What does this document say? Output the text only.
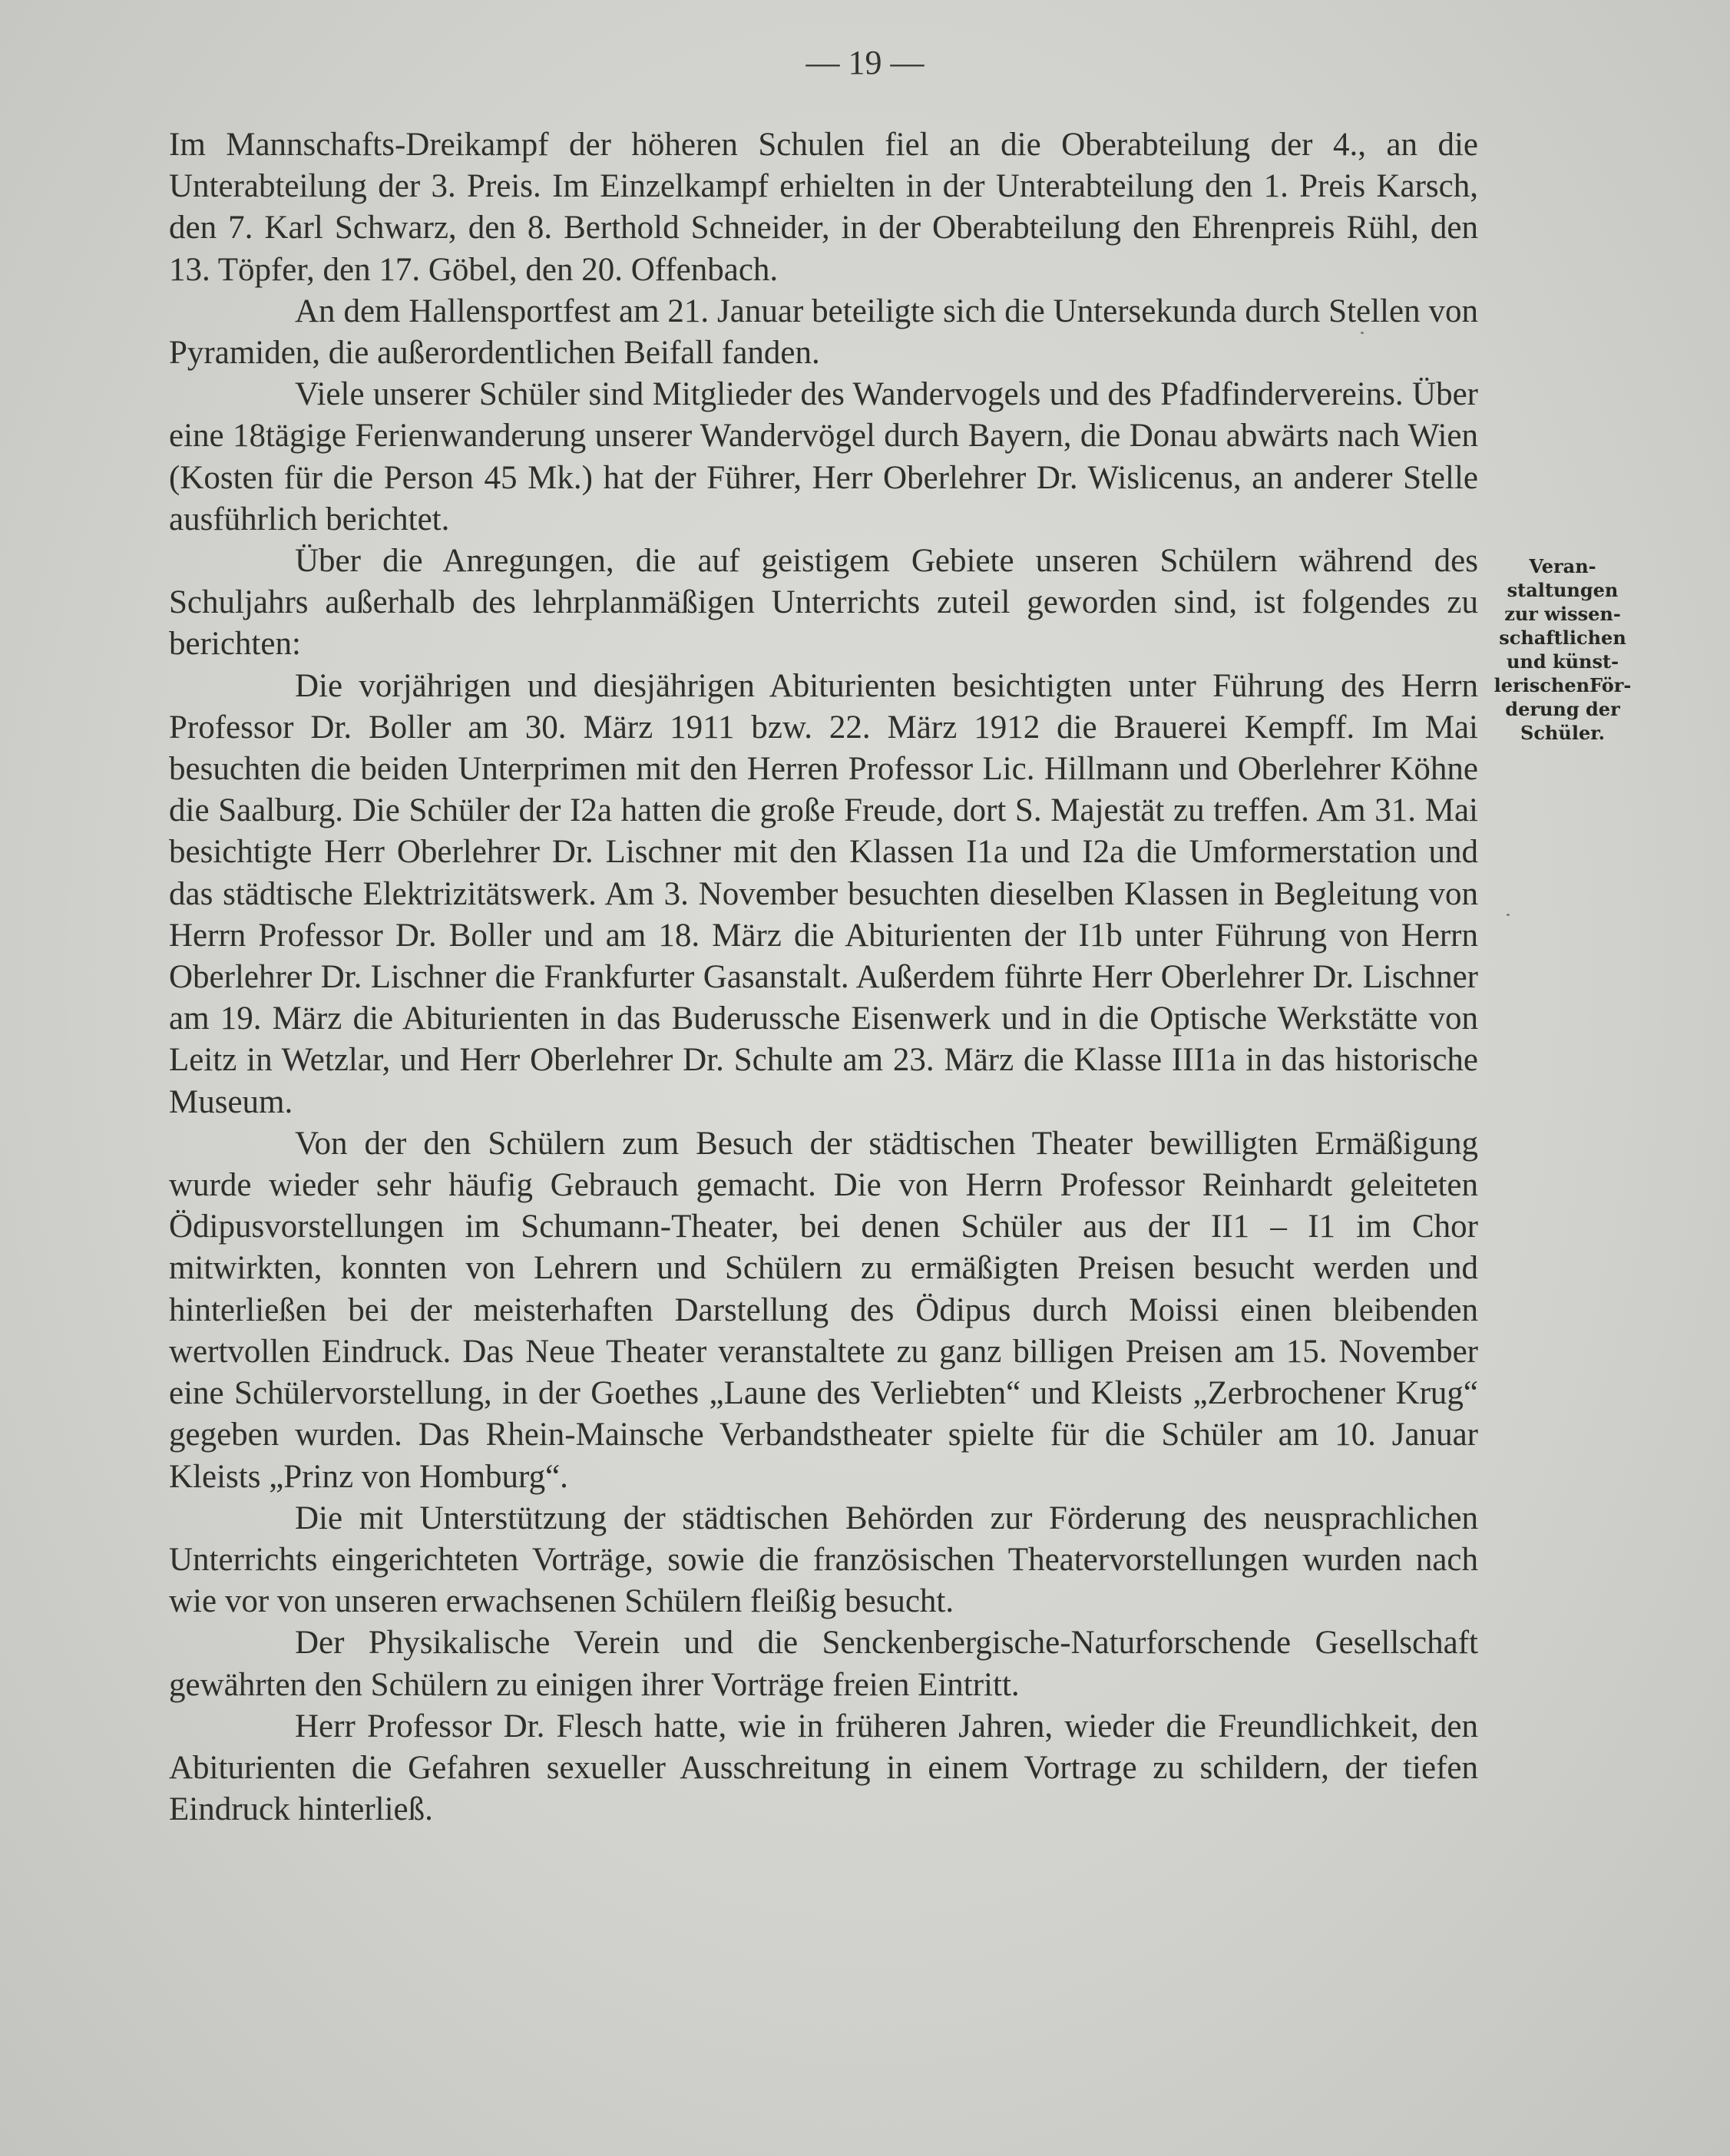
— 19 —

Im Mannschafts-Dreikampf der höheren Schulen fiel an die Oberabteilung der 4., an die Unterabteilung der 3. Preis. Im Einzelkampf erhielten in der Unterabteilung den 1. Preis Karsch, den 7. Karl Schwarz, den 8. Berthold Schneider, in der Oberabteilung den Ehrenpreis Rühl, den 13. Töpfer, den 17. Göbel, den 20. Offenbach.

An dem Hallensportfest am 21. Januar beteiligte sich die Untersekunda durch Stellen von Pyramiden, die außerordentlichen Beifall fanden.

Viele unserer Schüler sind Mitglieder des Wandervogels und des Pfadfindervereins. Über eine 18tägige Ferienwanderung unserer Wandervögel durch Bayern, die Donau abwärts nach Wien (Kosten für die Person 45 Mk.) hat der Führer, Herr Oberlehrer Dr. Wislicenus, an anderer Stelle ausführlich berichtet.

Über die Anregungen, die auf geistigem Gebiete unseren Schülern während des Schuljahrs außerhalb des lehrplanmäßigen Unterrichts zuteil geworden sind, ist folgendes zu berichten:

Die vorjährigen und diesjährigen Abiturienten besichtigten unter Führung des Herrn Professor Dr. Boller am 30. März 1911 bzw. 22. März 1912 die Brauerei Kempff. Im Mai besuchten die beiden Unterprimen mit den Herren Professor Lic. Hillmann und Oberlehrer Köhne die Saalburg. Die Schüler der I2a hatten die große Freude, dort S. Majestät zu treffen. Am 31. Mai besichtigte Herr Oberlehrer Dr. Lischner mit den Klassen I1a und I2a die Umformerstation und das städtische Elektrizitätswerk. Am 3. November besuchten dieselben Klassen in Begleitung von Herrn Professor Dr. Boller und am 18. März die Abiturienten der I1b unter Führung von Herrn Oberlehrer Dr. Lischner die Frankfurter Gasanstalt. Außerdem führte Herr Oberlehrer Dr. Lischner am 19. März die Abiturienten in das Buderussche Eisenwerk und in die Optische Werkstätte von Leitz in Wetzlar, und Herr Oberlehrer Dr. Schulte am 23. März die Klasse III1a in das historische Museum.

Von der den Schülern zum Besuch der städtischen Theater bewilligten Ermäßigung wurde wieder sehr häufig Gebrauch gemacht. Die von Herrn Professor Reinhardt geleiteten Ödipusvorstellungen im Schumann-Theater, bei denen Schüler aus der II1 – I1 im Chor mitwirkten, konnten von Lehrern und Schülern zu ermäßigten Preisen besucht werden und hinterließen bei der meisterhaften Darstellung des Ödipus durch Moissi einen bleibenden wertvollen Eindruck. Das Neue Theater veranstaltete zu ganz billigen Preisen am 15. November eine Schülervorstellung, in der Goethes „Laune des Verliebten“ und Kleists „Zerbrochener Krug“ gegeben wurden. Das Rhein-Mainsche Verbandstheater spielte für die Schüler am 10. Januar Kleists „Prinz von Homburg“.

Die mit Unterstützung der städtischen Behörden zur Förderung des neusprachlichen Unterrichts eingerichteten Vorträge, sowie die französischen Theatervorstellungen wurden nach wie vor von unseren erwachsenen Schülern fleißig besucht.

Der Physikalische Verein und die Senckenbergische-Naturforschende Gesellschaft gewährten den Schülern zu einigen ihrer Vorträge freien Eintritt.

Herr Professor Dr. Flesch hatte, wie in früheren Jahren, wieder die Freundlichkeit, den Abiturienten die Gefahren sexueller Ausschreitung in einem Vortrage zu schildern, der tiefen Eindruck hinterließ.

Veran-
staltungen
zur wissen-
schaftlichen
und künst-
lerischenFör-
derung der
Schüler.
